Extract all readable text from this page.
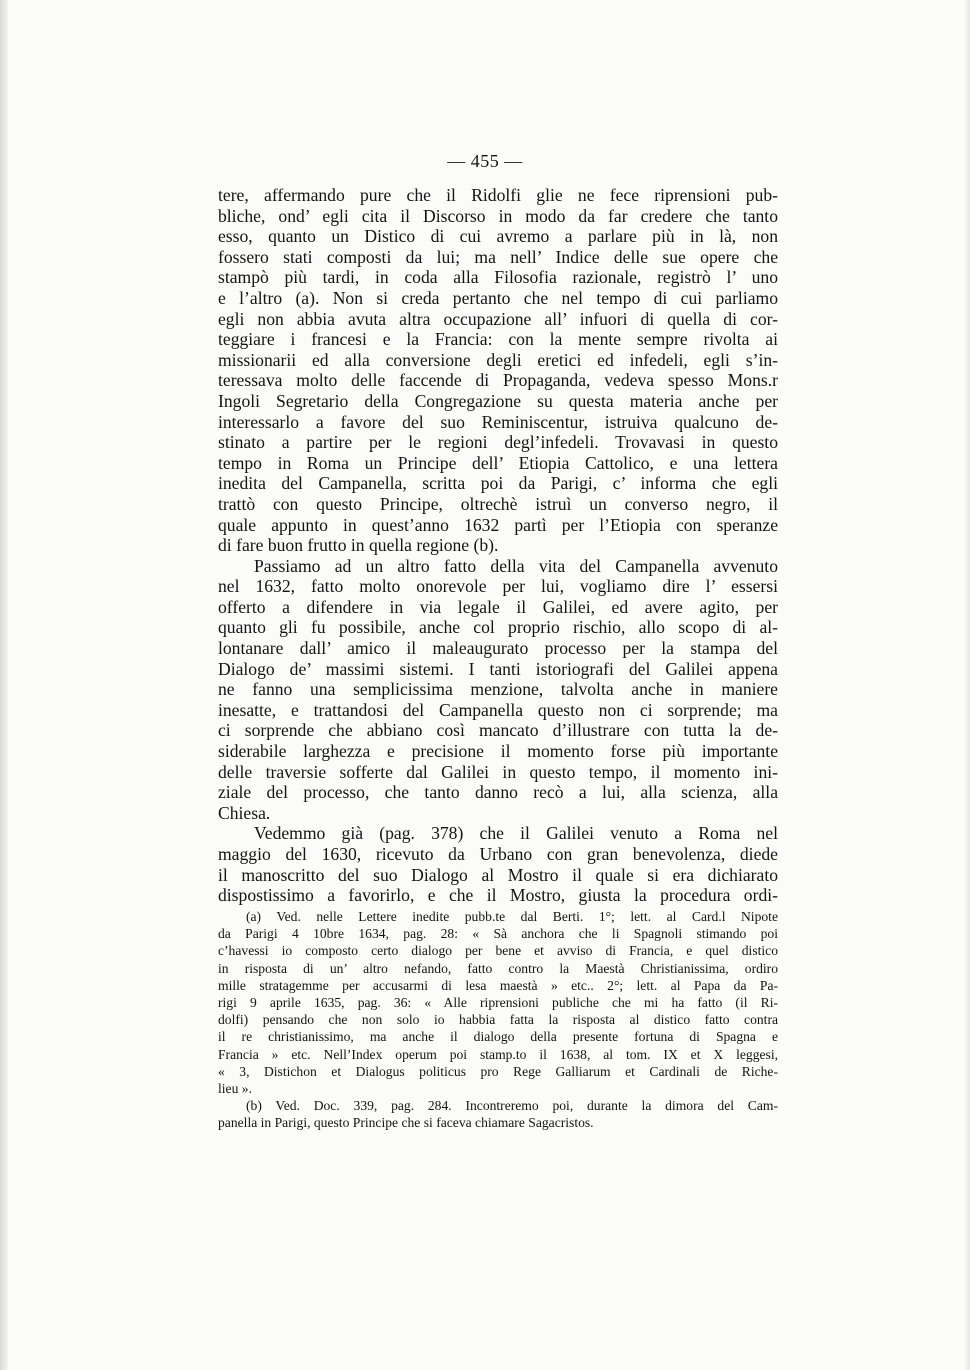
— 455 —
tere, affermando pure che il Ridolfi glie ne fece riprensioni pub-
bliche, ond’ egli cita il Discorso in modo da far credere che tanto
esso, quanto un Distico di cui avremo a parlare più in là, non
fossero stati composti da lui; ma nell’ Indice delle sue opere che
stampò più tardi, in coda alla Filosofia razionale, registrò l’ uno
e l’altro (a). Non si creda pertanto che nel tempo di cui parliamo
egli non abbia avuta altra occupazione all’ infuori di quella di cor-
teggiare i francesi e la Francia: con la mente sempre rivolta ai
missionarii ed alla conversione degli eretici ed infedeli, egli s’in-
teressava molto delle faccende di Propaganda, vedeva spesso Mons.r
Ingoli Segretario della Congregazione su questa materia anche per
interessarlo a favore del suo Reminiscentur, istruiva qualcuno de-
stinato a partire per le regioni degl’infedeli. Trovavasi in questo
tempo in Roma un Principe dell’ Etiopia Cattolico, e una lettera
inedita del Campanella, scritta poi da Parigi, c’ informa che egli
trattò con questo Principe, oltrechè istruì un converso negro, il
quale appunto in quest’anno 1632 partì per l’Etiopia con speranze
di fare buon frutto in quella regione (b).
Passiamo ad un altro fatto della vita del Campanella avvenuto
nel 1632, fatto molto onorevole per lui, vogliamo dire l’ essersi
offerto a difendere in via legale il Galilei, ed avere agito, per
quanto gli fu possibile, anche col proprio rischio, allo scopo di al-
lontanare dall’ amico il maleaugurato processo per la stampa del
Dialogo de’ massimi sistemi. I tanti istoriografi del Galilei appena
ne fanno una semplicissima menzione, talvolta anche in maniere
inesatte, e trattandosi del Campanella questo non ci sorprende; ma
ci sorprende che abbiano così mancato d’illustrare con tutta la de-
siderabile larghezza e precisione il momento forse più importante
delle traversie sofferte dal Galilei in questo tempo, il momento ini-
ziale del processo, che tanto danno recò a lui, alla scienza, alla
Chiesa.
Vedemmo già (pag. 378) che il Galilei venuto a Roma nel
maggio del 1630, ricevuto da Urbano con gran benevolenza, diede
il manoscritto del suo Dialogo al Mostro il quale si era dichiarato
dispostissimo a favorirlo, e che il Mostro, giusta la procedura ordi-
(a) Ved. nelle Lettere inedite pubb.te dal Berti. 1°; lett. al Card.l Nipote
da Parigi 4 10bre 1634, pag. 28: « Sà anchora che li Spagnoli stimando poi
c’havessi io composto certo dialogo per bene et avviso di Francia, e quel distico
in risposta di un’ altro nefando, fatto contro la Maestà Christianissima, ordiro
mille stratagemme per accusarmi di lesa maestà » etc.. 2°; lett. al Papa da Pa-
rigi 9 aprile 1635, pag. 36: « Alle riprensioni publiche che mi ha fatto (il Ri-
dolfi) pensando che non solo io habbia fatta la risposta al distico fatto contra
il re christianissimo, ma anche il dialogo della presente fortuna di Spagna e
Francia » etc. Nell’Index operum poi stamp.to il 1638, al tom. IX et X leggesi,
« 3, Distichon et Dialogus politicus pro Rege Galliarum et Cardinali de Riche-
lieu ».
(b) Ved. Doc. 339, pag. 284. Incontreremo poi, durante la dimora del Cam-
panella in Parigi, questo Principe che si faceva chiamare Sagacristos.
